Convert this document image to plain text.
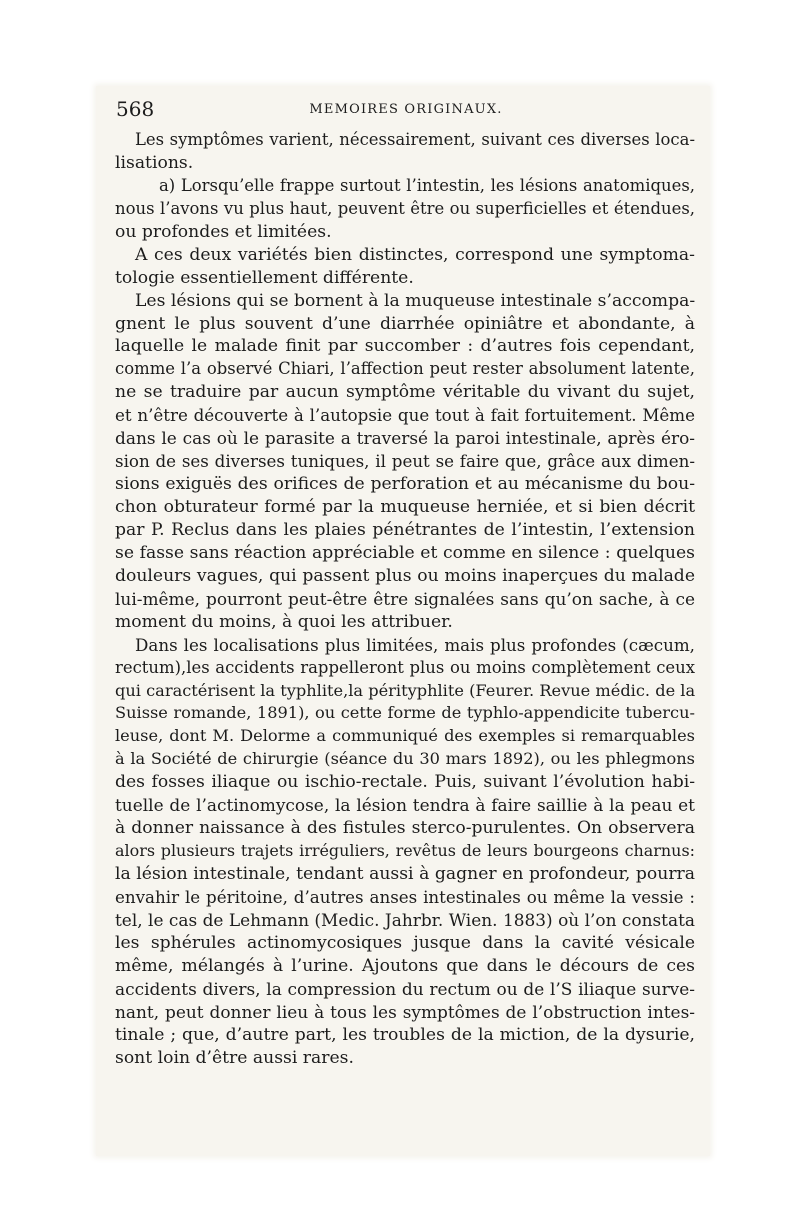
568	MEMOIRES ORIGINAUX.
Les symptômes varient, nécessairement, suivant ces diverses loca-
lisations.
a) Lorsqu’elle frappe surtout l’intestin, les lésions anatomiques,
nous l’avons vu plus haut, peuvent être ou superficielles et étendues,
ou profondes et limitées.
A ces deux variétés bien distinctes, correspond une symptoma-
tologie essentiellement différente.
Les lésions qui se bornent à la muqueuse intestinale s’accompa-
gnent le plus souvent d’une diarrhée opiniâtre et abondante, à
laquelle le malade finit par succomber : d’autres fois cependant,
comme l’a observé Chiari, l’affection peut rester absolument latente,
ne se traduire par aucun symptôme véritable du vivant du sujet,
et n’être découverte à l’autopsie que tout à fait fortuitement. Même
dans le cas où le parasite a traversé la paroi intestinale, après éro-
sion de ses diverses tuniques, il peut se faire que, grâce aux dimen-
sions exiguës des orifices de perforation et au mécanisme du bou-
chon obturateur formé par la muqueuse herniée, et si bien décrit
par P. Reclus dans les plaies pénétrantes de l’intestin, l’extension
se fasse sans réaction appréciable et comme en silence : quelques
douleurs vagues, qui passent plus ou moins inaperçues du malade
lui-même, pourront peut-être être signalées sans qu’on sache, à ce
moment du moins, à quoi les attribuer.
Dans les localisations plus limitées, mais plus profondes (cæcum,
rectum),les accidents rappelleront plus ou moins complètement ceux
qui caractérisent la typhlite,la pérityphlite (Feurer. Revue médic. de la
Suisse romande, 1891), ou cette forme de typhlo-appendicite tubercu-
leuse, dont M. Delorme a communiqué des exemples si remarquables
à la Société de chirurgie (séance du 30 mars 1892), ou les phlegmons
des fosses iliaque ou ischio-rectale. Puis, suivant l’évolution habi-
tuelle de l’actinomycose, la lésion tendra à faire saillie à la peau et
à donner naissance à des fistules sterco-purulentes. On observera
alors plusieurs trajets irréguliers, revêtus de leurs bourgeons charnus:
la lésion intestinale, tendant aussi à gagner en profondeur, pourra
envahir le péritoine, d’autres anses intestinales ou même la vessie :
tel, le cas de Lehmann (Medic. Jahrbr. Wien. 1883) où l’on constata
les sphérules actinomycosiques jusque dans la cavité vésicale
même, mélangés à l’urine. Ajoutons que dans le décours de ces
accidents divers, la compression du rectum ou de l’S iliaque surve-
nant, peut donner lieu à tous les symptômes de l’obstruction intes-
tinale ; que, d’autre part, les troubles de la miction, de la dysurie,
sont loin d’être aussi rares.
